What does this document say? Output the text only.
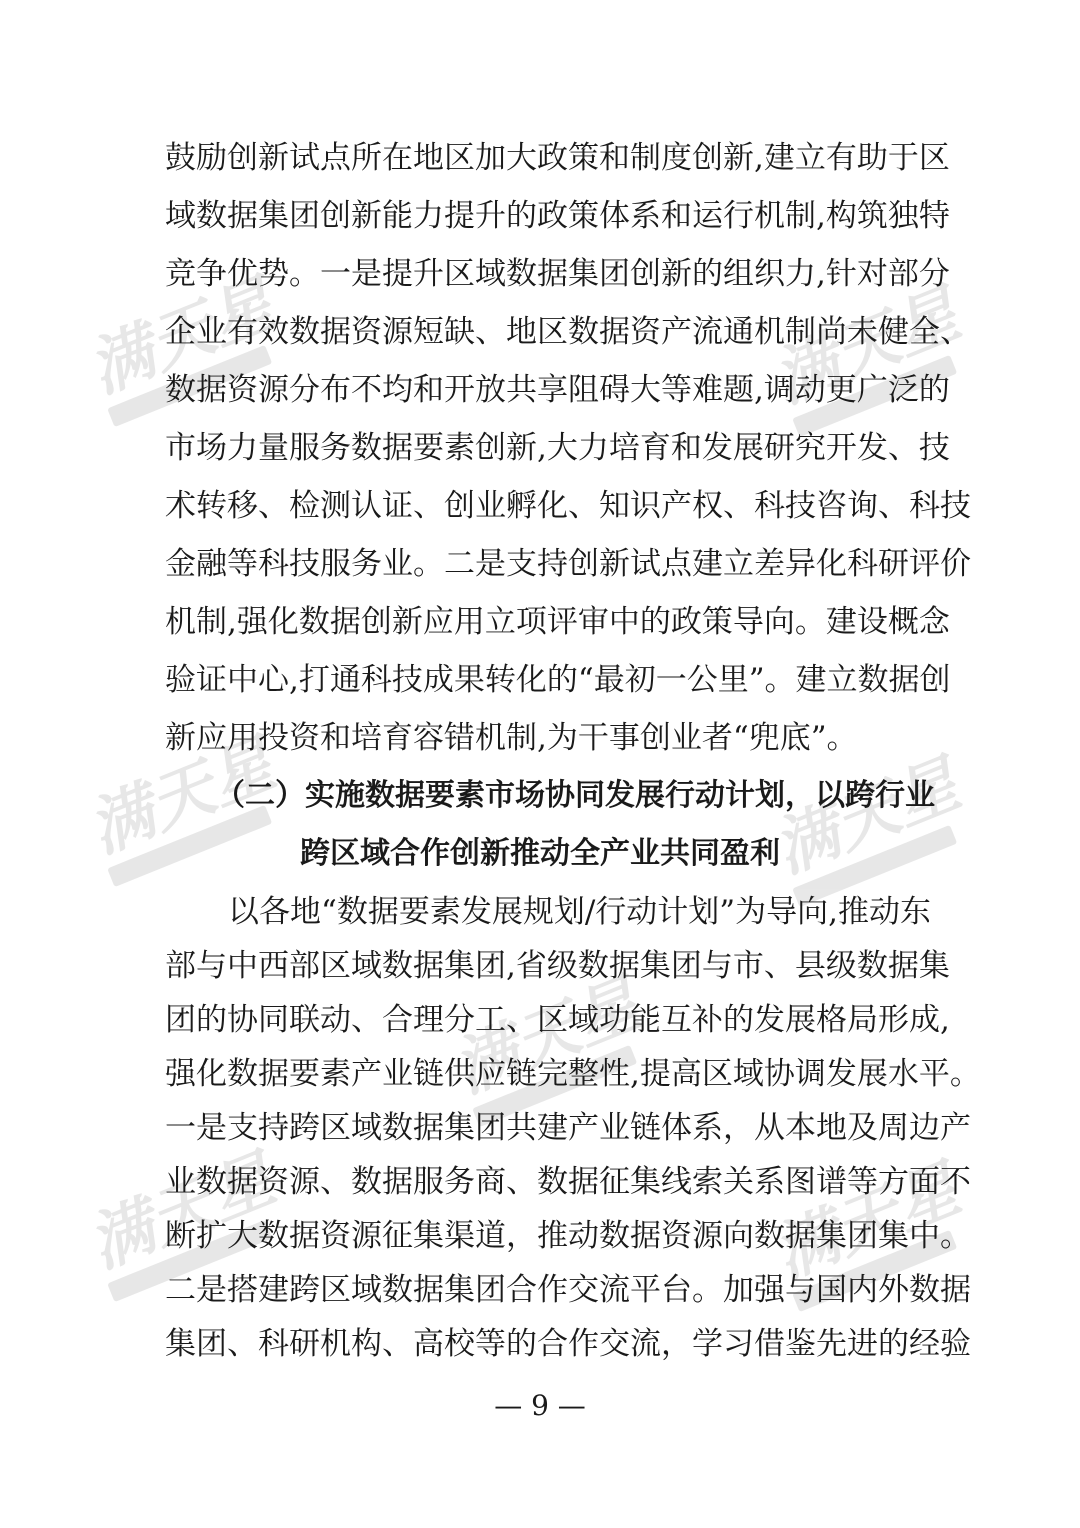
满天星	满天星
满天星	满天星
满天星
满天星	满天星
鼓励创新试点所在地区加大政策和制度创新,建立有助于区
域数据集团创新能力提升的政策体系和运行机制,构筑独特
竞争优势。一是提升区域数据集团创新的组织力,针对部分
企业有效数据资源短缺、地区数据资产流通机制尚未健全、
数据资源分布不均和开放共享阻碍大等难题,调动更广泛的
市场力量服务数据要素创新,大力培育和发展研究开发、技
术转移、检测认证、创业孵化、知识产权、科技咨询、科技
金融等科技服务业。二是支持创新试点建立差异化科研评价
机制,强化数据创新应用立项评审中的政策导向。建设概念
验证中心,打通科技成果转化的“最初一公里”。建立数据创
新应用投资和培育容错机制,为干事创业者“兜底”。
（二）实施数据要素市场协同发展行动计划，以跨行业
跨区域合作创新推动全产业共同盈利
以各地“数据要素发展规划/行动计划”为导向,推动东
部与中西部区域数据集团,省级数据集团与市、县级数据集
团的协同联动、合理分工、区域功能互补的发展格局形成,
强化数据要素产业链供应链完整性,提高区域协调发展水平。
一是支持跨区域数据集团共建产业链体系，从本地及周边产
业数据资源、数据服务商、数据征集线索关系图谱等方面不
断扩大数据资源征集渠道，推动数据资源向数据集团集中。
二是搭建跨区域数据集团合作交流平台。加强与国内外数据
集团、科研机构、高校等的合作交流，学习借鉴先进的经验
— 9 —
